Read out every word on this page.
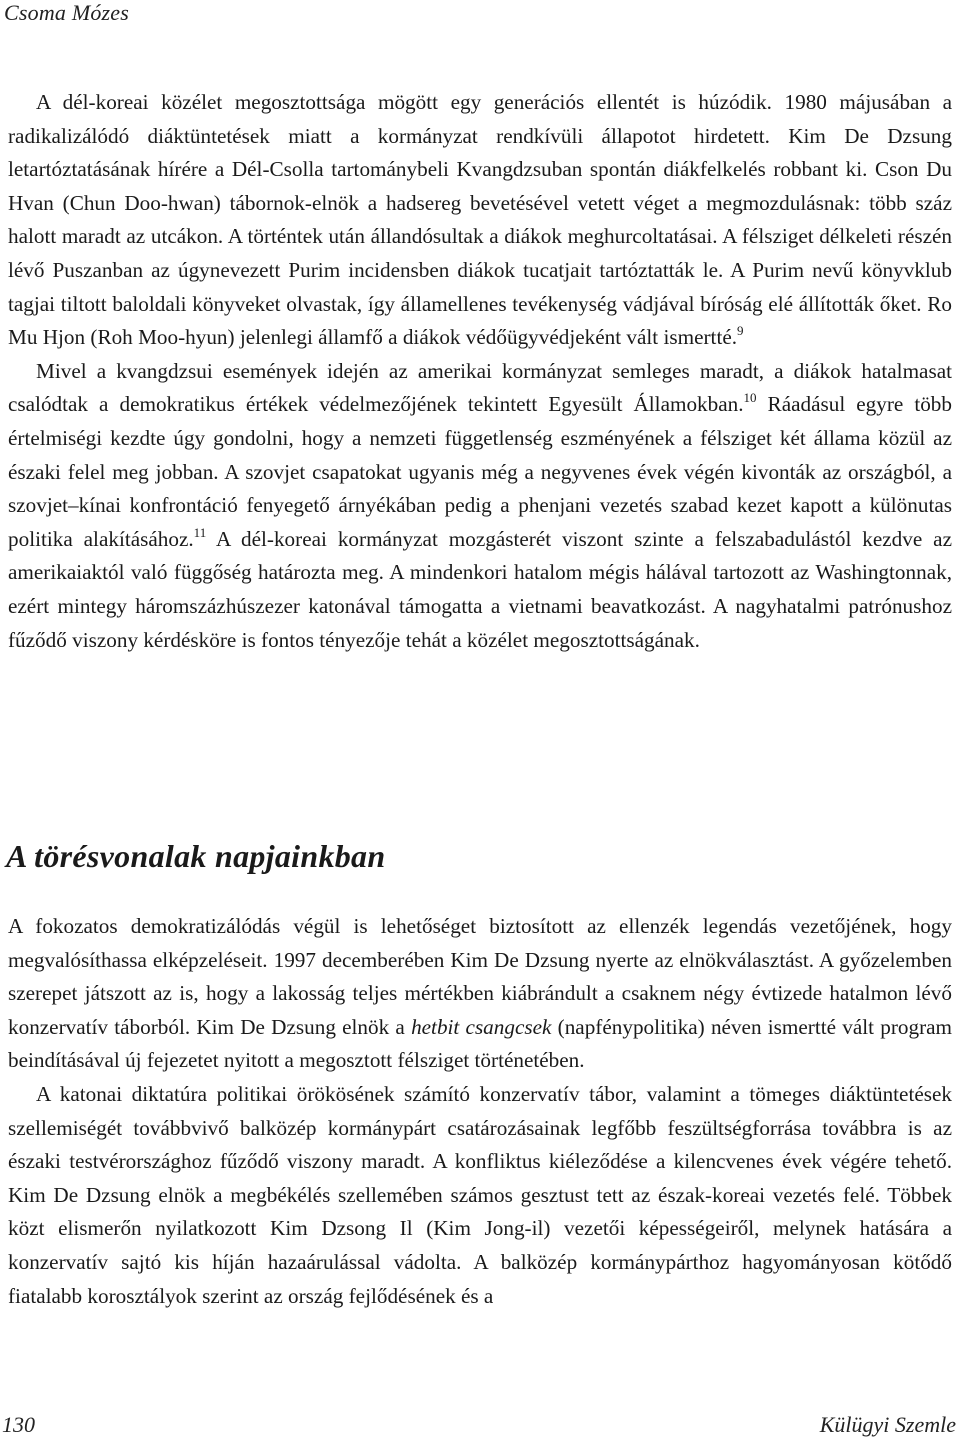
Csoma Mózes

A dél-koreai közélet megosztottsága mögött egy generációs ellentét is húzódik. 1980 májusában a radikalizálódó diáktüntetések miatt a kormányzat rendkívüli állapotot hirdetett. Kim De Dzsung letartóztatásának hírére a Dél-Csolla tartománybeli Kvangdzsuban spontán diákfelkelés robbant ki. Cson Du Hvan (Chun Doo-hwan) tábornok-elnök a hadsereg bevetésével vetett véget a megmozdulásnak: több száz halott maradt az utcákon. A történtek után állandósultak a diákok meghurcoltatásai. A félsziget délkeleti részén lévő Puszanban az úgynevezett Purim incidensben diákok tucatjait tartóztatták le. A Purim nevű könyvklub tagjai tiltott baloldali könyveket olvastak, így államellenes tevékenység vádjával bíróság elé állították őket. Ro Mu Hjon (Roh Moo-hyun) jelenlegi államfő a diákok védőügyvédjeként vált ismertté.$^9$

Mivel a kvangdzsui események idején az amerikai kormányzat semleges maradt, a diákok hatalmasat csalódtak a demokratikus értékek védelmezőjének tekintett Egyesült Államokban.$^{10}$ Ráadásul egyre több értelmiségi kezdte úgy gondolni, hogy a nemzeti függetlenség eszményének a félsziget két állama közül az északi felel meg jobban. A szovjet csapatokat ugyanis még a negyvenes évek végén kivonták az országból, a szovjet–kínai konfrontáció fenyegető árnyékában pedig a phenjani vezetés szabad kezet kapott a különutas politika alakításához.$^{11}$ A dél-koreai kormányzat mozgásterét viszont szinte a felszabadulástól kezdve az amerikaiaktól való függőség határozta meg. A mindenkori hatalom mégis hálával tartozott az Washingtonnak, ezért mintegy háromszázhúszezer katonával támogatta a vietnami beavatkozást. A nagyhatalmi patrónushoz fűződő viszony kérdésköre is fontos tényezője tehát a közélet megosztottságának.

A törésvonalak napjainkban

A fokozatos demokratizálódás végül is lehetőséget biztosított az ellenzék legendás vezetőjének, hogy megvalósíthassa elképzeléseit. 1997 decemberében Kim De Dzsung nyerte az elnökválasztást. A győzelemben szerepet játszott az is, hogy a lakosság teljes mértékben kiábrándult a csaknem négy évtizede hatalmon lévő konzervatív táborból. Kim De Dzsung elnök a hetbit csangcsek (napfénypolitika) néven ismertté vált program beindításával új fejezetet nyitott a megosztott félsziget történetében.

A katonai diktatúra politikai örökösének számító konzervatív tábor, valamint a tömeges diáktüntetések szellemiségét továbbvivő balközép kormánypárt csatározásainak legfőbb feszültségforrása továbbra is az északi testvérországhoz fűződő viszony maradt. A konfliktus kiéleződése a kilencvenes évek végére tehető. Kim De Dzsung elnök a megbékélés szellemében számos gesztust tett az észak-koreai vezetés felé. Többek közt elismerőn nyilatkozott Kim Dzsong Il (Kim Jong-il) vezetői képességeiről, melynek hatására a konzervatív sajtó kis híján hazaárulással vádolta. A balközép kormánypárthoz hagyományosan kötődő fiatalabb korosztályok szerint az ország fejlődésének és a

130	Külügyi Szemle
